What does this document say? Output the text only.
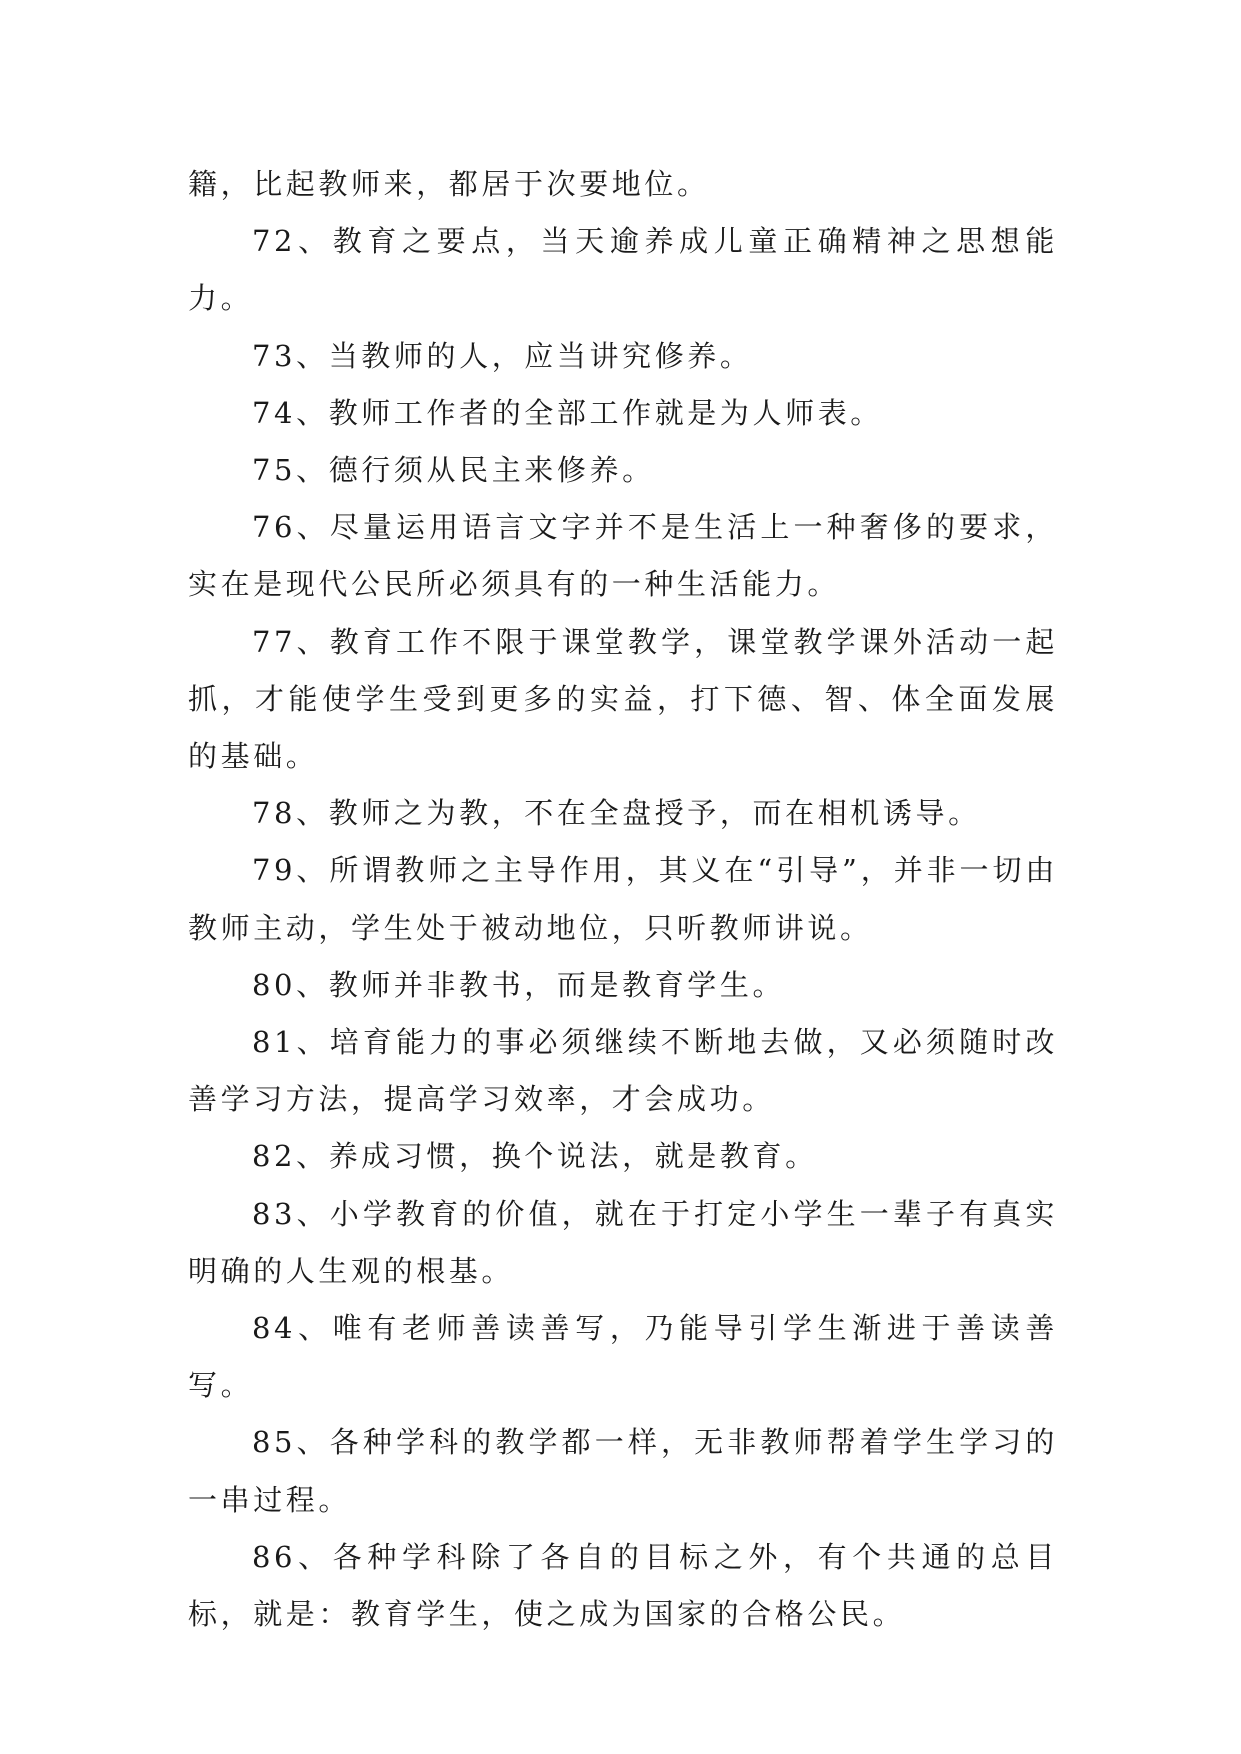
籍，比起教师来，都居于次要地位。

72、教育之要点，当天逾养成儿童正确精神之思想能力。

73、当教师的人，应当讲究修养。

74、教师工作者的全部工作就是为人师表。

75、德行须从民主来修养。

76、尽量运用语言文字并不是生活上一种奢侈的要求，实在是现代公民所必须具有的一种生活能力。

77、教育工作不限于课堂教学，课堂教学课外活动一起抓，才能使学生受到更多的实益，打下德、智、体全面发展的基础。

78、教师之为教，不在全盘授予，而在相机诱导。

79、所谓教师之主导作用，其义在“引导”，并非一切由教师主动，学生处于被动地位，只听教师讲说。

80、教师并非教书，而是教育学生。

81、培育能力的事必须继续不断地去做，又必须随时改善学习方法，提高学习效率，才会成功。

82、养成习惯，换个说法，就是教育。

83、小学教育的价值，就在于打定小学生一辈子有真实明确的人生观的根基。

84、唯有老师善读善写，乃能导引学生渐进于善读善写。

85、各种学科的教学都一样，无非教师帮着学生学习的一串过程。

86、各种学科除了各自的目标之外，有个共通的总目标，就是：教育学生，使之成为国家的合格公民。
